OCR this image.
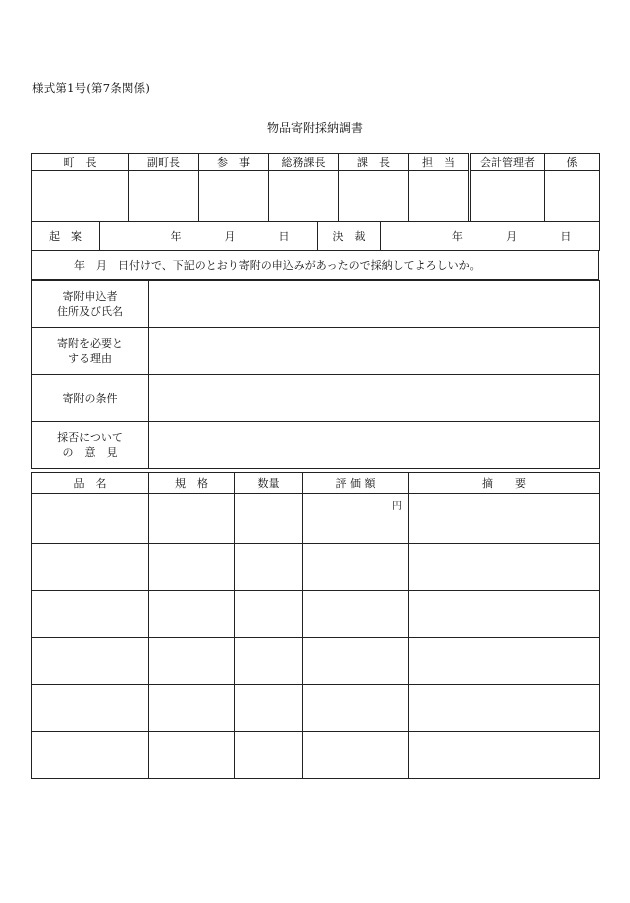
様式第1号(第7条関係)
物品寄附採納調書
町　長	副町長	参　事	総務課長	課　長	担　当	会計管理者	係

起　案	年	月	日	決　裁	年	月	日
年　月　日付けで、下記のとおり寄附の申込みがあったので採納してよろしいか。
寄附申込者
住所及び氏名	

寄附を必要と
する理由	

寄附の条件	

採否について
の　意　見	

品　名	規　格	数量	評 価 額	摘　　要
			円	
